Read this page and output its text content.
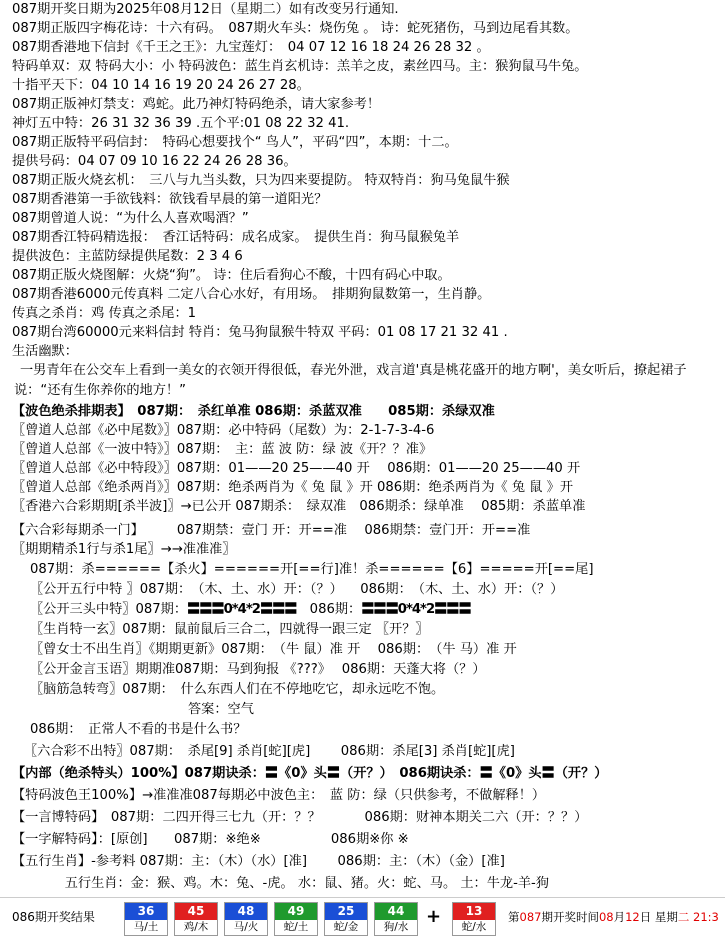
087期开奖日期为2025年08月12日（星期二）如有改变另行通知.
087期正版四字梅花诗：十六有码。　087期火车头：烧伤兔 。 诗：蛇死猪伤，马到边尾看其数。
087期香港地下信封《千王之王》：九宝莲灯：　04 07 12 16 18 24 26 28 32 。
特码单双：双 特码大小：小 特码波色：蓝生肖玄机诗：羔羊之皮，素丝四马。主：猴狗鼠马牛兔。
十指平天下：04 10 14 16 19 20 24 26 27 28。
087期正版神灯禁支：鸡蛇。此乃神灯特码绝杀，请大家参考！
神灯五中特：26 31 32 36 39 .五个平:01 08 22 32 41.
087期正版特平码信封：　特码心想要找个“ 鸟人”，平码“四”，本期：十二。
提供号码：04 07 09 10 16 22 24 26 28 36。
087期正版火烧玄机：　三八与九当头数，只为四来要提防。 特双特肖：狗马兔鼠牛猴
087期香港第一手欲钱料：欲钱看早晨的第一道阳光？
087期曾道人说：“为什么人喜欢喝酒？”
087期香江特码精选报：　香江话特码：成名成家。　提供生肖：狗马鼠猴兔羊
提供波色：主蓝防绿提供尾数：2 3 4 6
087期正版火烧图解：火烧“狗”。 诗：住后看狗心不酸，十四有码心中取。
087期香港6000元传真料 二定八合心水好，有用场。　排期狗鼠数第一，生肖静。
传真之杀肖：鸡 传真之杀尾：1
087期台湾60000元来料信封 特肖：兔马狗鼠猴牛特双 平码：01 08 17 21 32 41 .
生活幽默：
一男青年在公交车上看到一美女的衣领开得很低，春光外泄，戏言道'真是桃花盛开的地方啊'，美女听后，撩起裙子说：“还有生你养你的地方！”
【波色绝杀排期表】　087期：　杀红单准 086期：杀蓝双准　　085期：杀绿双准
〖曾道人总部《必中尾数》〗087期：必中特码（尾数）为：2-1-7-3-4-6
〖曾道人总部《一波中特》〗087期：　主：蓝 波 防：绿 波《开？？准》
〖曾道人总部《必中特段》〗087期：01——20 25——40 开　 086期：01——20 25——40 开
〖曾道人总部《绝杀两肖》〗087期：绝杀两肖为《 兔 鼠 》开 086期：绝杀两肖为《 兔 鼠 》开
〖香港六合彩期期[杀半波]〗→已公开 087期杀：　绿双准　086期杀：绿单准　 085期：杀蓝单准
【六合彩每期杀一门】　　　087期禁：壹门 开：开==准　 086期禁：壹门开：开==准
〖期期精杀1行与杀1尾〗→→准准准〗
087期：杀======【杀火】======开[==行]准！杀======【6】=====开[==尾]
〖公开五行中特 〗087期：　（木、土、水）开：（？） 　086期：　（木、土、水）开：（？）
〖公开三头中特〗087期：〓〓〓0*4*2〓〓〓　086期：〓〓〓0*4*2〓〓〓
〖生肖特一玄〗087期：鼠前鼠后三合二，四就得一跟三定 〖开？〗
〖曾女士不出生肖〗《期期更新》087期：　（牛 鼠）准 开　 086期：　（牛 马）准 开
〖公开金言玉语〗期期准087期：马到狗报 《???》　 086期：天蓬大将（？）
〖脑筋急转弯〗087期：　什么东西人们在不停地吃它，却永远吃不饱。
答案：空气
086期：　正常人不看的书是什么书？
〖六合彩不出特〗087期：　杀尾[9] 杀肖[蛇][虎]　　 086期：杀尾[3] 杀肖[蛇][虎]
【内部（绝杀特头）100%】087期诀杀：〓《0》头〓（开？）　086期诀杀：〓《0》头〓（开？）
【特码波色王100%】→准准准087每期必中波色主：　蓝 防：绿（只供参考，不做解释！）
【一言博特码】　087期：二四开得三七九（开：？？　　　 086期：财神本期关二六（开：？？）
【一字解特码】：[原创]　　087期：※绝※　　　　　 086期※你 ※
【五行生肖】-参考料 087期：主：（木）（水）[准]　　 086期：主：（木）（金）[准]
　　　　五行生肖：金：猴、鸡。木：兔、-虎。 水：鼠、猪。火：蛇、马。 土：牛龙-羊-狗
086期开奖结果	36
马/土
45
鸡/木
48
马/火
49
蛇/土
25
蛇/金
44
狗/水 +	13
蛇/水
第087期开奖时间08月12日 星期二 21:3
